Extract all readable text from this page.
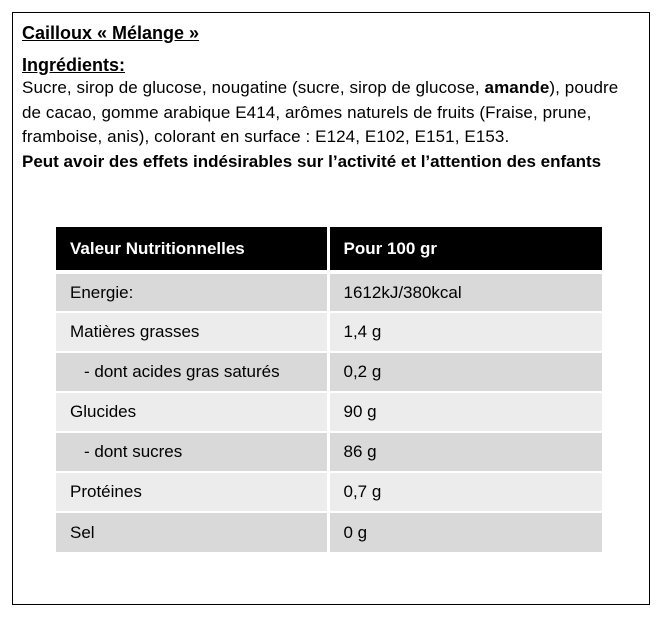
Cailloux « Mélange »

Ingrédients:

Sucre, sirop de glucose, nougatine (sucre, sirop de glucose, amande), poudre de cacao, gomme arabique E414, arômes naturels de fruits (Fraise, prune, framboise, anis), colorant en surface : E124, E102, E151, E153.

Peut avoir des effets indésirables sur l’activité et l’attention des enfants

Valeur Nutritionnelles	Pour 100 gr
Energie:	1612kJ/380kcal
Matières grasses	1,4 g
- dont acides gras saturés	0,2 g
Glucides	90 g
- dont sucres	86 g
Protéines	0,7 g
Sel	0 g
